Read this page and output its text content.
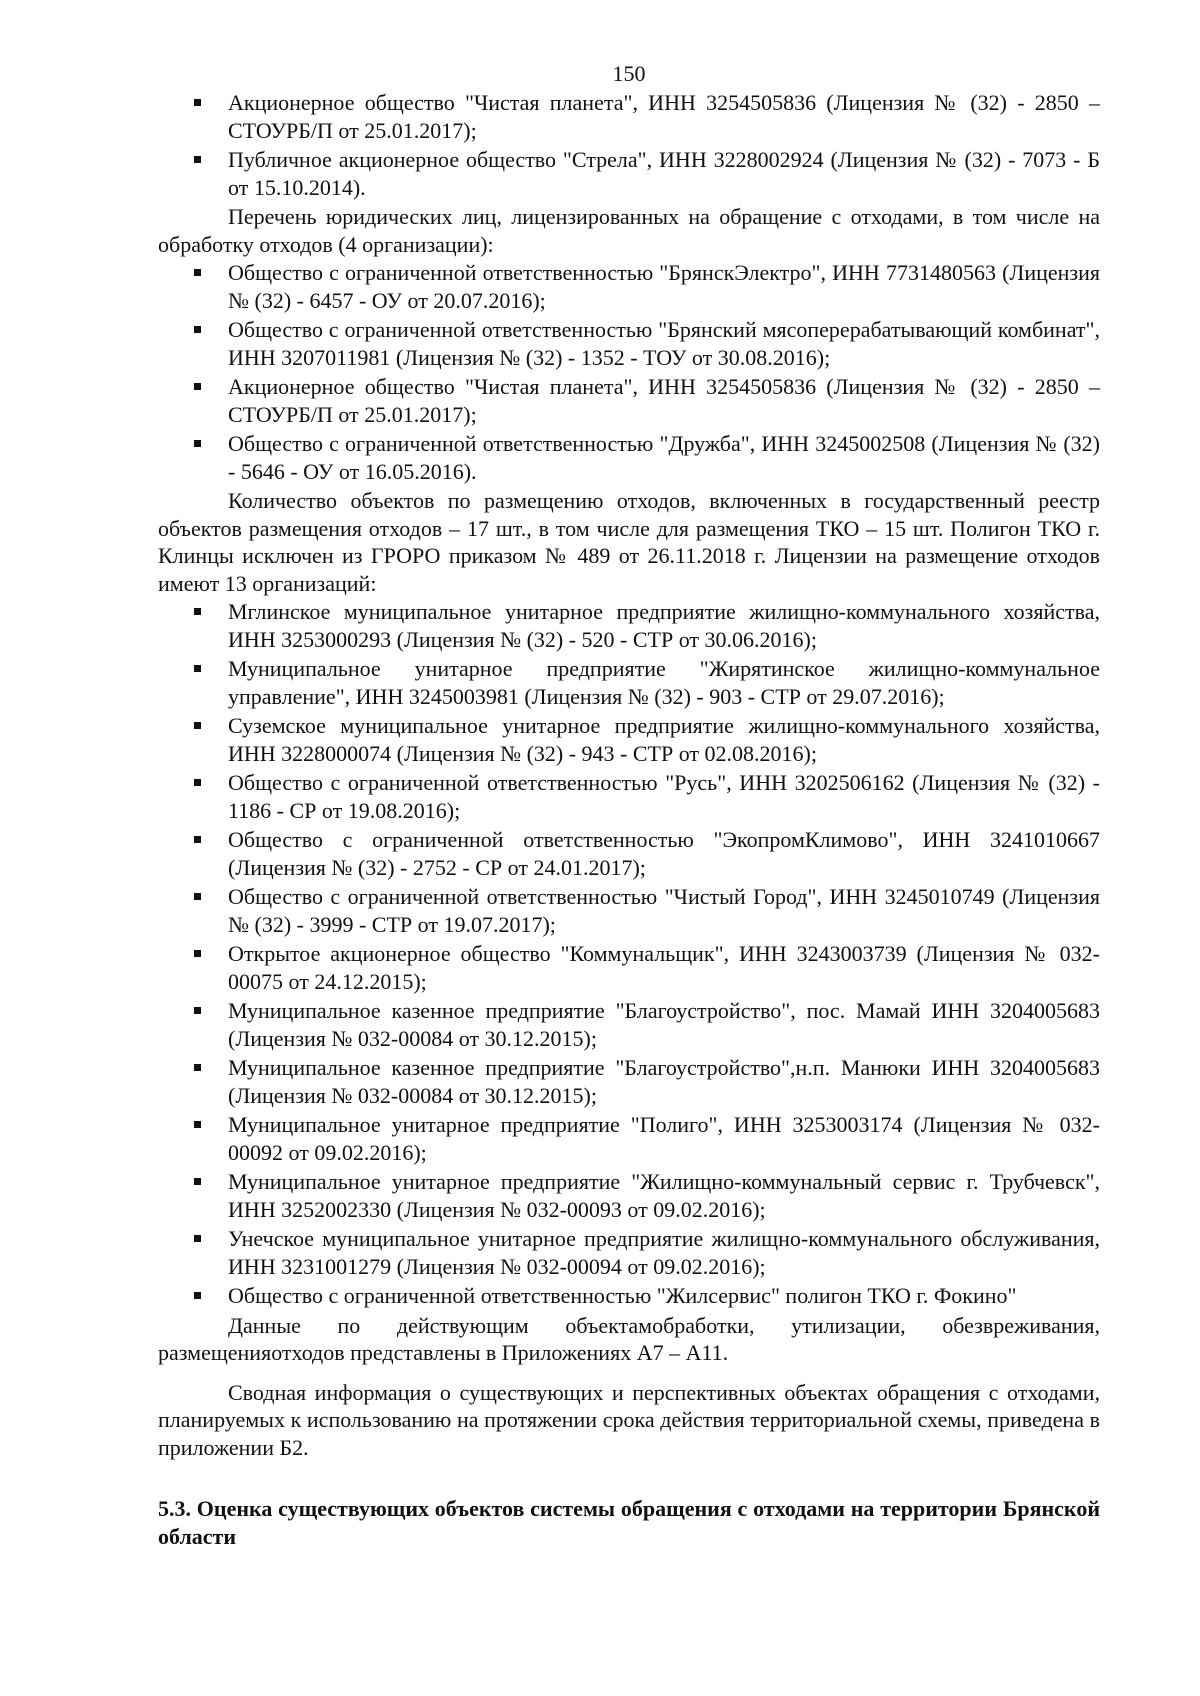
150
Акционерное общество "Чистая планета", ИНН 3254505836 (Лицензия № (32) - 2850 –СТОУРБ/П от 25.01.2017);
Публичное акционерное общество "Стрела", ИНН 3228002924 (Лицензия № (32) - 7073 - Б от 15.10.2014).

Перечень юридических лиц, лицензированных на обращение с отходами, в том числе на обработку отходов (4 организации):

Общество с ограниченной ответственностью "БрянскЭлектро", ИНН 7731480563 (Лицензия № (32) - 6457 - ОУ от 20.07.2016);
Общество с ограниченной ответственностью "Брянский мясоперерабатывающий комбинат", ИНН 3207011981 (Лицензия № (32) - 1352 - ТОУ от 30.08.2016);
Акционерное общество "Чистая планета", ИНН 3254505836 (Лицензия № (32) - 2850 – СТОУРБ/П от 25.01.2017);
Общество с ограниченной ответственностью "Дружба", ИНН 3245002508 (Лицензия № (32) - 5646 - ОУ от 16.05.2016).

Количество объектов по размещению отходов, включенных в государственный реестр объектов размещения отходов – 17 шт., в том числе для размещения ТКО – 15 шт. Полигон ТКО г. Клинцы исключен из ГРОРО приказом № 489 от 26.11.2018 г. Лицензии на размещение отходов имеют 13 организаций:

Мглинское муниципальное унитарное предприятие жилищно-коммунального хозяйства, ИНН 3253000293 (Лицензия № (32) - 520 - СТР от 30.06.2016);
Муниципальное унитарное предприятие "Жирятинское жилищно-коммунальное управление", ИНН 3245003981 (Лицензия № (32) - 903 - СТР от 29.07.2016);
Суземское муниципальное унитарное предприятие жилищно-коммунального хозяйства, ИНН 3228000074 (Лицензия № (32) - 943 - СТР от 02.08.2016);
Общество с ограниченной ответственностью "Русь", ИНН 3202506162 (Лицензия № (32) - 1186 - СР от 19.08.2016);
Общество с ограниченной ответственностью "ЭкопромКлимово", ИНН 3241010667 (Лицензия № (32) - 2752 - СР от 24.01.2017);
Общество с ограниченной ответственностью "Чистый Город", ИНН 3245010749 (Лицензия № (32) - 3999 - СТР от 19.07.2017);
Открытое акционерное общество "Коммунальщик", ИНН 3243003739 (Лицензия № 032-00075 от 24.12.2015);
Муниципальное казенное предприятие "Благоустройство", пос. Мамай ИНН 3204005683 (Лицензия № 032-00084 от 30.12.2015);
Муниципальное казенное предприятие "Благоустройство",н.п. Манюки ИНН 3204005683 (Лицензия № 032-00084 от 30.12.2015);
Муниципальное унитарное предприятие "Полиго", ИНН 3253003174 (Лицензия № 032-00092 от 09.02.2016);
Муниципальное унитарное предприятие "Жилищно-коммунальный сервис г. Трубчевск", ИНН 3252002330 (Лицензия № 032-00093 от 09.02.2016);
Унечское муниципальное унитарное предприятие жилищно-коммунального обслуживания, ИНН 3231001279 (Лицензия № 032-00094 от 09.02.2016);
Общество с ограниченной ответственностью "Жилсервис" полигон ТКО г. Фокино"

Данные по действующим объектамобработки, утилизации, обезвреживания, размещенияотходов представлены в Приложениях А7 – А11.

Сводная информация о существующих и перспективных объектах обращения с отходами, планируемых к использованию на протяжении срока действия территориальной схемы, приведена в приложении Б2.

5.3. Оценка существующих объектов системы обращения с отходами на территории Брянской области
